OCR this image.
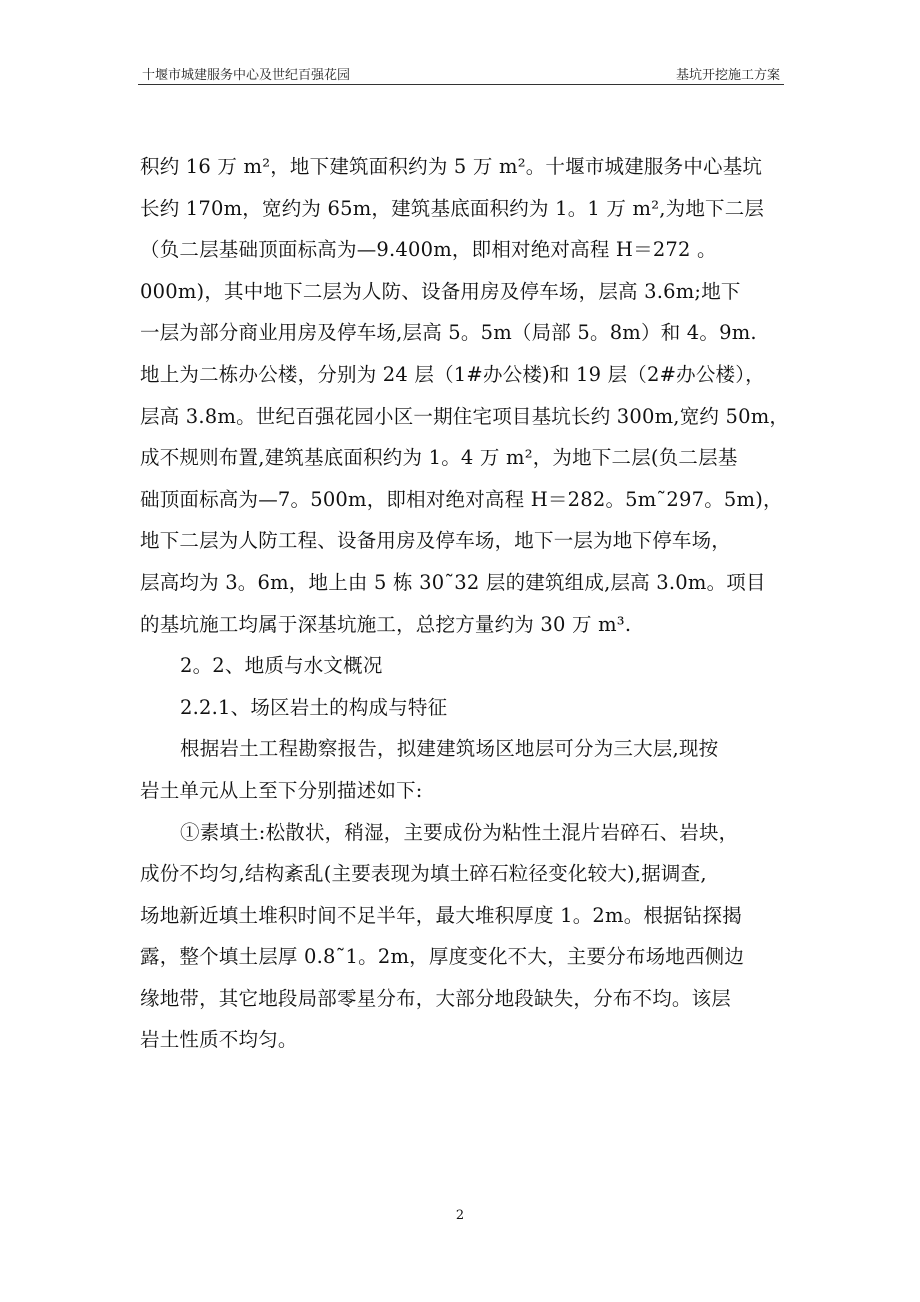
十堰市城建服务中心及世纪百强花园	基坑开挖施工方案
积约 16 万 m²，地下建筑面积约为 5 万 m²。十堰市城建服务中心基坑
长约 170m，宽约为 65m，建筑基底面积约为 1。1 万 m²,为地下二层
（负二层基础顶面标高为—9.400m，即相对绝对高程 H＝272 。
000m)，其中地下二层为人防、设备用房及停车场，层高 3.6m;地下
一层为部分商业用房及停车场,层高 5。5m（局部 5。8m）和 4。9m.
地上为二栋办公楼，分别为 24 层（1#办公楼)和 19 层（2#办公楼），
层高 3.8m。世纪百强花园小区一期住宅项目基坑长约 300m,宽约 50m，
成不规则布置,建筑基底面积约为 1。4 万 m²，为地下二层(负二层基
础顶面标高为—7。500m，即相对绝对高程 H＝282。5m˜297。5m)，
地下二层为人防工程、设备用房及停车场，地下一层为地下停车场，
层高均为 3。6m，地上由 5 栋 30˜32 层的建筑组成,层高 3.0m。项目
的基坑施工均属于深基坑施工，总挖方量约为 30 万 m³.
2。2、地质与水文概况
2.2.1、场区岩土的构成与特征
根据岩土工程勘察报告，拟建建筑场区地层可分为三大层,现按
岩土单元从上至下分别描述如下:
①素填土:松散状，稍湿，主要成份为粘性土混片岩碎石、岩块，
成份不均匀,结构紊乱(主要表现为填土碎石粒径变化较大),据调查,
场地新近填土堆积时间不足半年，最大堆积厚度 1。2m。根据钻探揭
露，整个填土层厚 0.8˜1。2m，厚度变化不大，主要分布场地西侧边
缘地带，其它地段局部零星分布，大部分地段缺失，分布不均。该层
岩土性质不均匀。
2
